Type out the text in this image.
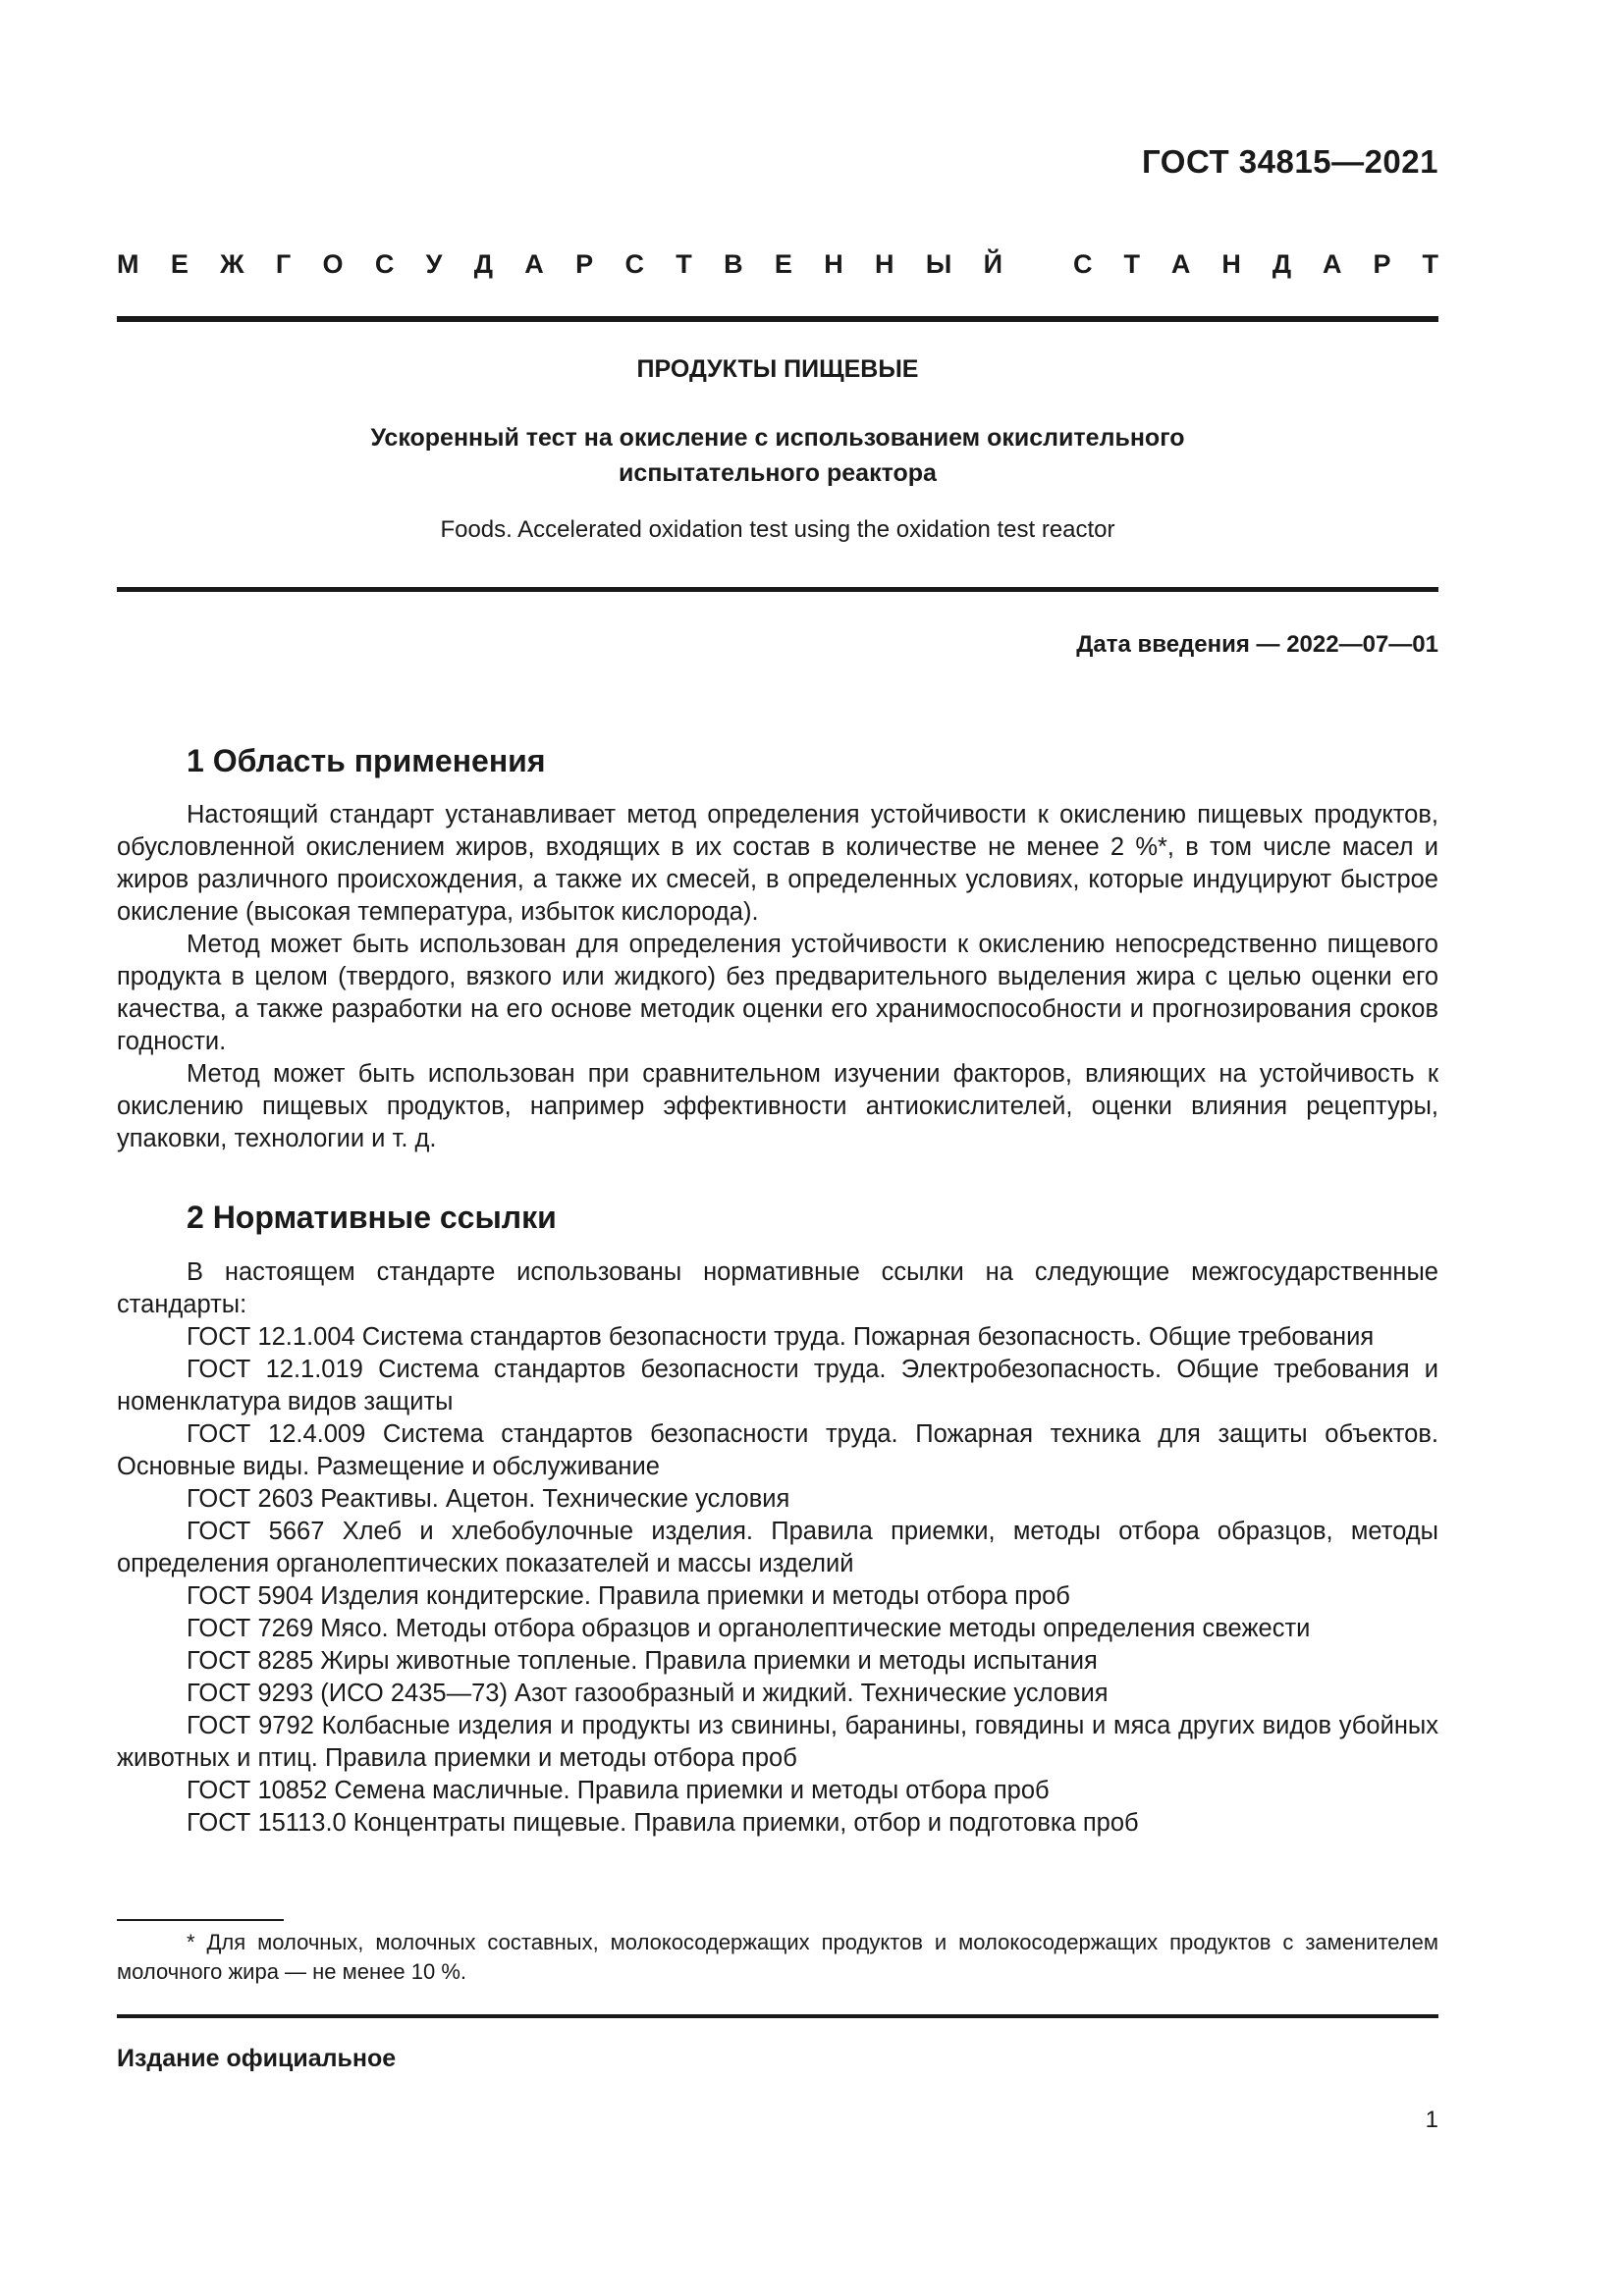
ГОСТ 34815—2021
М Е Ж Г О С У Д А Р С Т В Е Н Н Ы Й	С Т А Н Д А Р Т
ПРОДУКТЫ ПИЩЕВЫЕ
Ускоренный тест на окисление с использованием окислительного
испытательного реактора
Foods. Accelerated oxidation test using the oxidation test reactor
Дата введения — 2022—07—01
1 Область применения

Настоящий стандарт устанавливает метод определения устойчивости к окислению пищевых продуктов, обусловленной окислением жиров, входящих в их состав в количестве не менее 2 %*, в том числе масел и жиров различного происхождения, а также их смесей, в определенных условиях, которые индуцируют быстрое окисление (высокая температура, избыток кислорода).

Метод может быть использован для определения устойчивости к окислению непосредственно пищевого продукта в целом (твердого, вязкого или жидкого) без предварительного выделения жира с целью оценки его качества, а также разработки на его основе методик оценки его хранимоспособности и прогнозирования сроков годности.

Метод может быть использован при сравнительном изучении факторов, влияющих на устойчивость к окислению пищевых продуктов, например эффективности антиокислителей, оценки влияния рецептуры, упаковки, технологии и т. д.

2 Нормативные ссылки

В настоящем стандарте использованы нормативные ссылки на следующие межгосударственные стандарты:

ГОСТ 12.1.004 Система стандартов безопасности труда. Пожарная безопасность. Общие требования

ГОСТ 12.1.019 Система стандартов безопасности труда. Электробезопасность. Общие требования и номенклатура видов защиты

ГОСТ 12.4.009 Система стандартов безопасности труда. Пожарная техника для защиты объектов. Основные виды. Размещение и обслуживание

ГОСТ 2603 Реактивы. Ацетон. Технические условия

ГОСТ 5667 Хлеб и хлебобулочные изделия. Правила приемки, методы отбора образцов, методы определения органолептических показателей и массы изделий

ГОСТ 5904 Изделия кондитерские. Правила приемки и методы отбора проб

ГОСТ 7269 Мясо. Методы отбора образцов и органолептические методы определения свежести

ГОСТ 8285 Жиры животные топленые. Правила приемки и методы испытания

ГОСТ 9293 (ИСО 2435—73) Азот газообразный и жидкий. Технические условия

ГОСТ 9792 Колбасные изделия и продукты из свинины, баранины, говядины и мяса других видов убойных животных и птиц. Правила приемки и методы отбора проб

ГОСТ 10852 Семена масличные. Правила приемки и методы отбора проб

ГОСТ 15113.0 Концентраты пищевые. Правила приемки, отбор и подготовка проб

* Для молочных, молочных составных, молокосодержащих продуктов и молокосодержащих продуктов с заменителем молочного жира — не менее 10 %.
Издание официальное
1
